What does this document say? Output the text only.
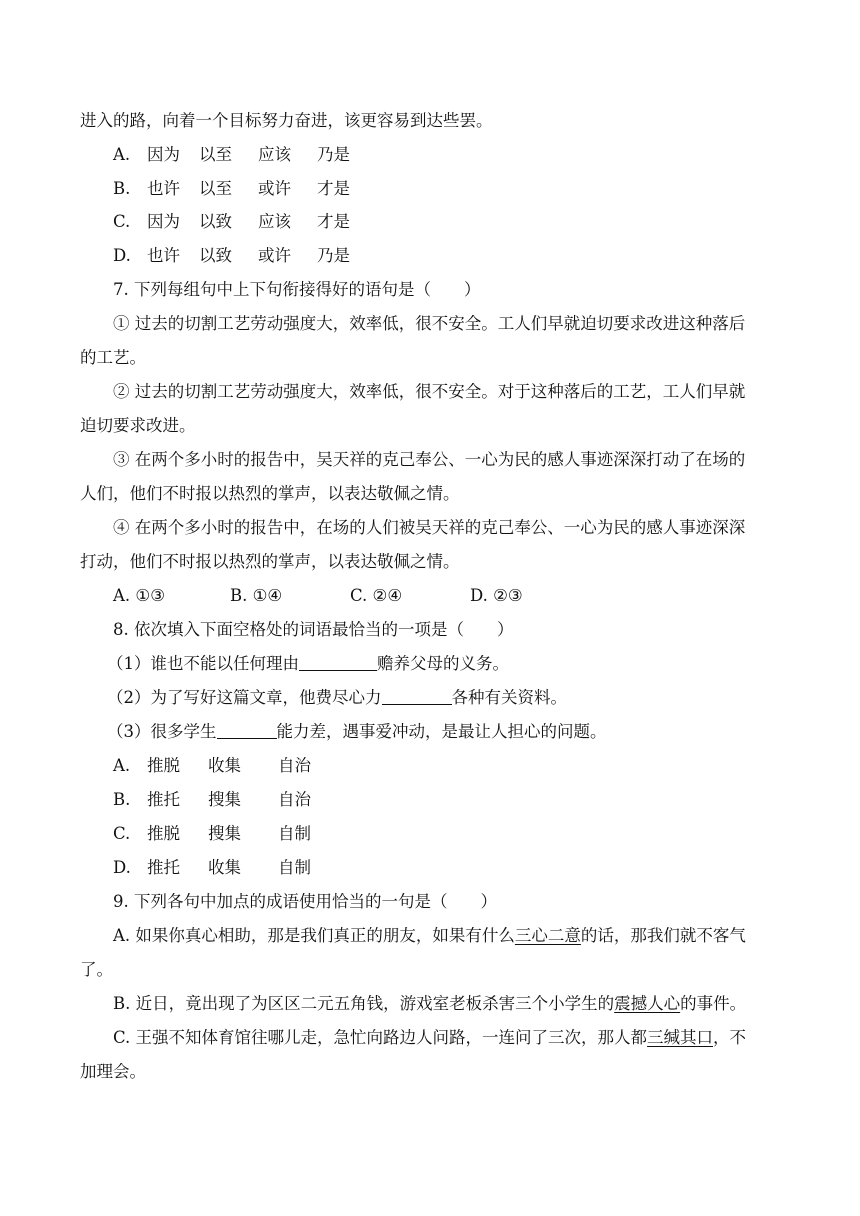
进入的路，向着一个目标努力奋进，该更容易到达些罢。
A. 因为 以至 应该 乃是
B. 也许 以至 或许 才是
C. 因为 以致 应该 才是
D. 也许 以致 或许 乃是
7. 下列每组句中上下句衔接得好的语句是（　　）
① 过去的切割工艺劳动强度大，效率低，很不安全。工人们早就迫切要求改进这种落后
的工艺。
② 过去的切割工艺劳动强度大，效率低，很不安全。对于这种落后的工艺，工人们早就
迫切要求改进。
③ 在两个多小时的报告中，吴天祥的克己奉公、一心为民的感人事迹深深打动了在场的
人们，他们不时报以热烈的掌声，以表达敬佩之情。
④ 在两个多小时的报告中，在场的人们被吴天祥的克己奉公、一心为民的感人事迹深深
打动，他们不时报以热烈的掌声，以表达敬佩之情。
A. ①③	B. ①④	C. ②④	D. ②③
8. 依次填入下面空格处的词语最恰当的一项是（　　）
（1）谁也不能以任何理由	赡养父母的义务。
（2）为了写好这篇文章，他费尽心力	各种有关资料。
（3）很多学生	能力差，遇事爱冲动，是最让人担心的问题。
A. 推脱 收集 自治
B. 推托 搜集 自治
C. 推脱 搜集 自制
D. 推托 收集 自制
9. 下列各句中加点的成语使用恰当的一句是（　　）
A. 如果你真心相助，那是我们真正的朋友，如果有什么三心二意的话，那我们就不客气
了。
B. 近日，竟出现了为区区二元五角钱，游戏室老板杀害三个小学生的震撼人心的事件。
C. 王强不知体育馆往哪儿走，急忙向路边人问路，一连问了三次，那人都三缄其口，不
加理会。
